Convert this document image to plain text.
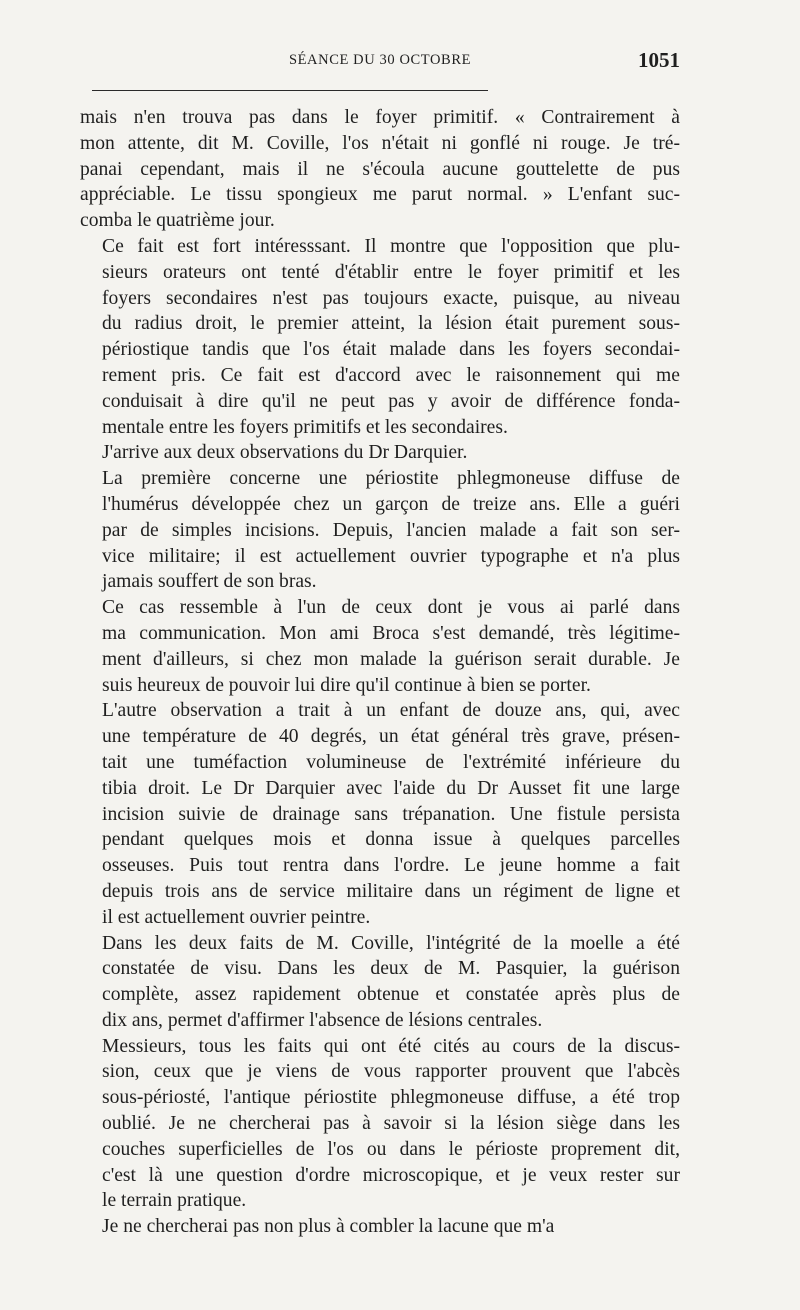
SÉANCE DU 30 OCTOBRE	1051

mais n'en trouva pas dans le foyer primitif. « Contrairement à
mon attente, dit M. Coville, l'os n'était ni gonflé ni rouge. Je tré-
panai cependant, mais il ne s'écoula aucune gouttelette de pus
appréciable. Le tissu spongieux me parut normal. » L'enfant suc-
comba le quatrième jour.

Ce fait est fort intéresssant. Il montre que l'opposition que plu-
sieurs orateurs ont tenté d'établir entre le foyer primitif et les
foyers secondaires n'est pas toujours exacte, puisque, au niveau
du radius droit, le premier atteint, la lésion était purement sous-
périostique tandis que l'os était malade dans les foyers secondai-
rement pris. Ce fait est d'accord avec le raisonnement qui me
conduisait à dire qu'il ne peut pas y avoir de différence fonda-
mentale entre les foyers primitifs et les secondaires.

J'arrive aux deux observations du Dr Darquier.

La première concerne une périostite phlegmoneuse diffuse de
l'humérus développée chez un garçon de treize ans. Elle a guéri
par de simples incisions. Depuis, l'ancien malade a fait son ser-
vice militaire; il est actuellement ouvrier typographe et n'a plus
jamais souffert de son bras.

Ce cas ressemble à l'un de ceux dont je vous ai parlé dans
ma communication. Mon ami Broca s'est demandé, très légitime-
ment d'ailleurs, si chez mon malade la guérison serait durable. Je
suis heureux de pouvoir lui dire qu'il continue à bien se porter.

L'autre observation a trait à un enfant de douze ans, qui, avec
une température de 40 degrés, un état général très grave, présen-
tait une tuméfaction volumineuse de l'extrémité inférieure du
tibia droit. Le Dr Darquier avec l'aide du Dr Ausset fit une large
incision suivie de drainage sans trépanation. Une fistule persista
pendant quelques mois et donna issue à quelques parcelles
osseuses. Puis tout rentra dans l'ordre. Le jeune homme a fait
depuis trois ans de service militaire dans un régiment de ligne et
il est actuellement ouvrier peintre.

Dans les deux faits de M. Coville, l'intégrité de la moelle a été
constatée de visu. Dans les deux de M. Pasquier, la guérison
complète, assez rapidement obtenue et constatée après plus de
dix ans, permet d'affirmer l'absence de lésions centrales.

Messieurs, tous les faits qui ont été cités au cours de la discus-
sion, ceux que je viens de vous rapporter prouvent que l'abcès
sous-périosté, l'antique périostite phlegmoneuse diffuse, a été trop
oublié. Je ne chercherai pas à savoir si la lésion siège dans les
couches superficielles de l'os ou dans le périoste proprement dit,
c'est là une question d'ordre microscopique, et je veux rester sur
le terrain pratique.

Je ne chercherai pas non plus à combler la lacune que m'a
